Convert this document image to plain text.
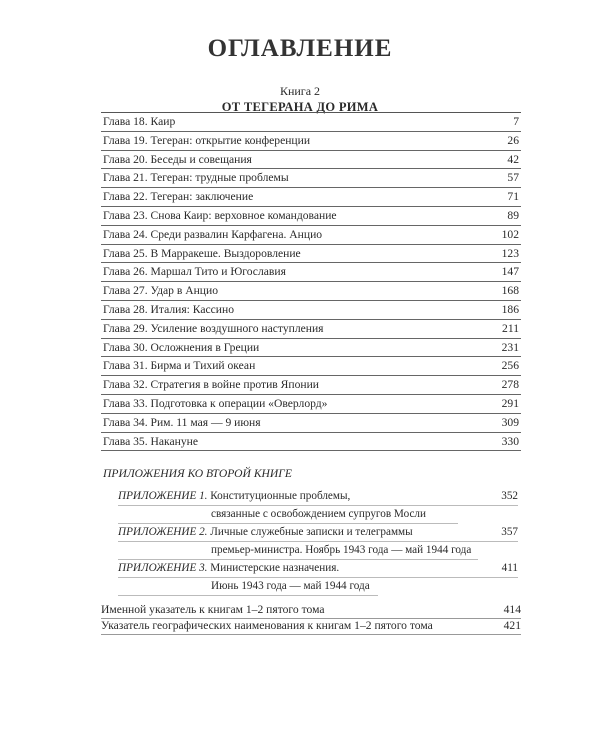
ОГЛАВЛЕНИЕ
Книга 2
ОТ ТЕГЕРАНА ДО РИМА
Глава 18. Каир	7
Глава 19. Тегеран: открытие конференции	26
Глава 20. Беседы и совещания	42
Глава 21. Тегеран: трудные проблемы	57
Глава 22. Тегеран: заключение	71
Глава 23. Снова Каир: верховное командование	89
Глава 24. Среди развалин Карфагена. Анцио	102
Глава 25. В Марракеше. Выздоровление	123
Глава 26. Маршал Тито и Югославия	147
Глава 27. Удар в Анцио	168
Глава 28. Италия: Кассино	186
Глава 29. Усиление воздушного наступления	211
Глава 30. Осложнения в Греции	231
Глава 31. Бирма и Тихий океан	256
Глава 32. Стратегия в войне против Японии	278
Глава 33. Подготовка к операции «Оверлорд»	291
Глава 34. Рим. 11 мая — 9 июня	309
Глава 35. Накануне	330
ПРИЛОЖЕНИЯ КО ВТОРОЙ КНИГЕ
ПРИЛОЖЕНИЕ 1. Конституционные проблемы,	352
связанные с освобождением супругов Мосли
ПРИЛОЖЕНИЕ 2. Личные служебные записки и телеграммы	357
премьер-министра. Ноябрь 1943 года — май 1944 года
ПРИЛОЖЕНИЕ 3. Министерские назначения.	411
Июнь 1943 года — май 1944 года
Именной указатель к книгам 1–2 пятого тома	414
Указатель географических наименования к книгам 1–2 пятого тома	421
